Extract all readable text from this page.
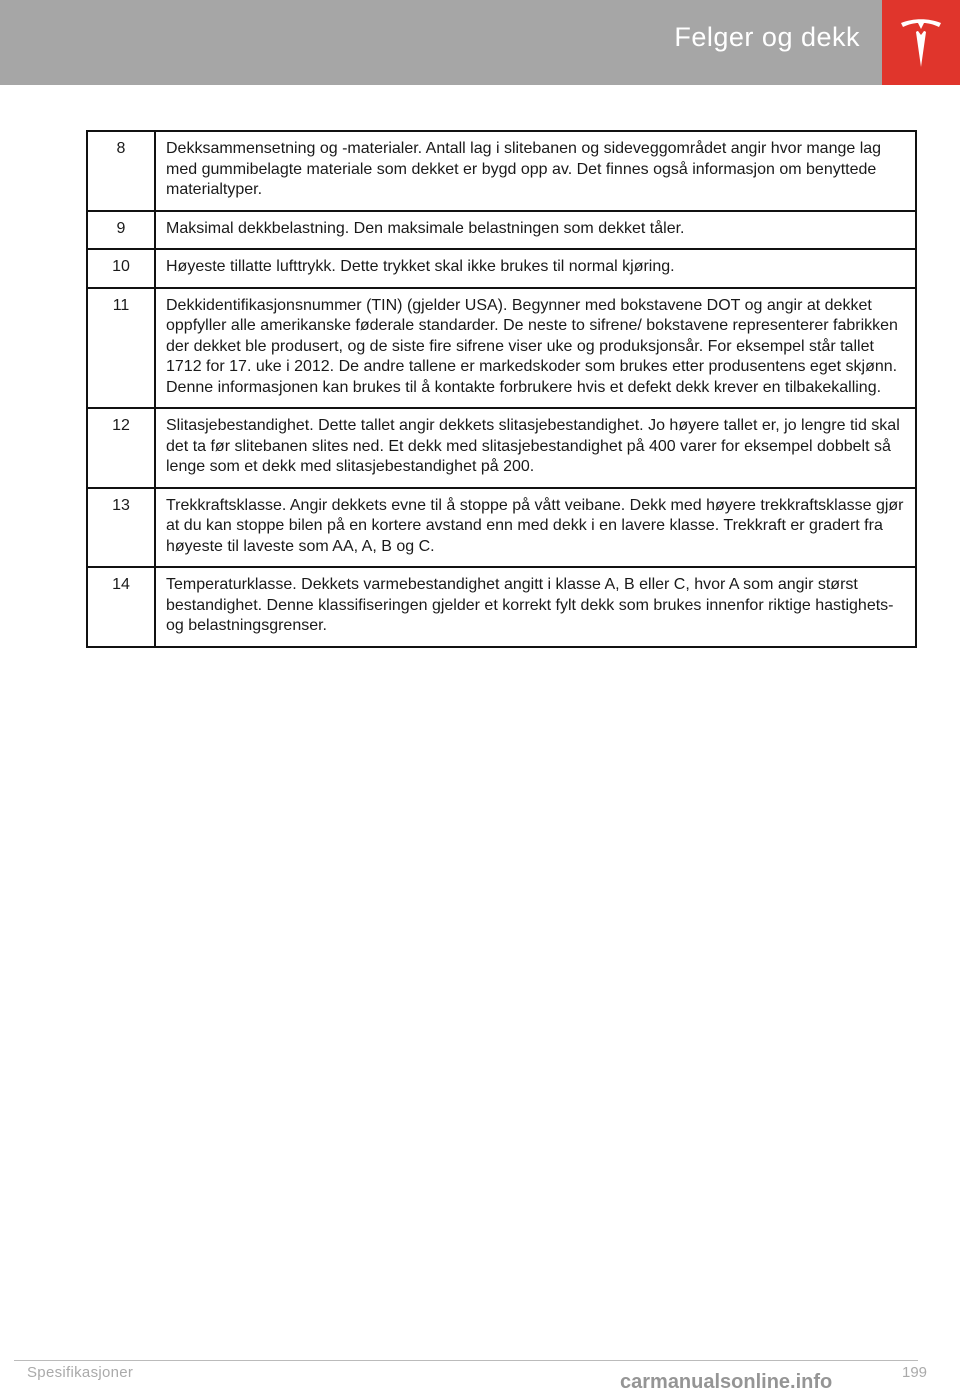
Felger og dekk
8	Dekksammensetning og -materialer. Antall lag i slitebanen og sideveggområdet angir hvor mange lag med gummibelagte materiale som dekket er bygd opp av. Det finnes også informasjon om benyttede materialtyper.
9	Maksimal dekkbelastning. Den maksimale belastningen som dekket tåler.
10	Høyeste tillatte lufttrykk. Dette trykket skal ikke brukes til normal kjøring.
11	Dekkidentifikasjonsnummer (TIN) (gjelder USA). Begynner med bokstavene DOT og angir at dekket oppfyller alle amerikanske føderale standarder. De neste to sifrene/ bokstavene representerer fabrikken der dekket ble produsert, og de siste fire sifrene viser uke og produksjonsår. For eksempel står tallet 1712 for 17. uke i 2012. De andre tallene er markedskoder som brukes etter produsentens eget skjønn. Denne informasjonen kan brukes til å kontakte forbrukere hvis et defekt dekk krever en tilbakekalling.
12	Slitasjebestandighet. Dette tallet angir dekkets slitasjebestandighet. Jo høyere tallet er, jo lengre tid skal det ta før slitebanen slites ned. Et dekk med slitasjebestandighet på 400 varer for eksempel dobbelt så lenge som et dekk med slitasjebestandighet på 200.
13	Trekkraftsklasse. Angir dekkets evne til å stoppe på vått veibane. Dekk med høyere trekkraftsklasse gjør at du kan stoppe bilen på en kortere avstand enn med dekk i en lavere klasse. Trekkraft er gradert fra høyeste til laveste som AA, A, B og C.
14	Temperaturklasse. Dekkets varmebestandighet angitt i klasse A, B eller C, hvor A som angir størst bestandighet. Denne klassifiseringen gjelder et korrekt fylt dekk som brukes innenfor riktige hastighets- og belastningsgrenser.
Spesifikasjoner	199
carmanualsonline.info
